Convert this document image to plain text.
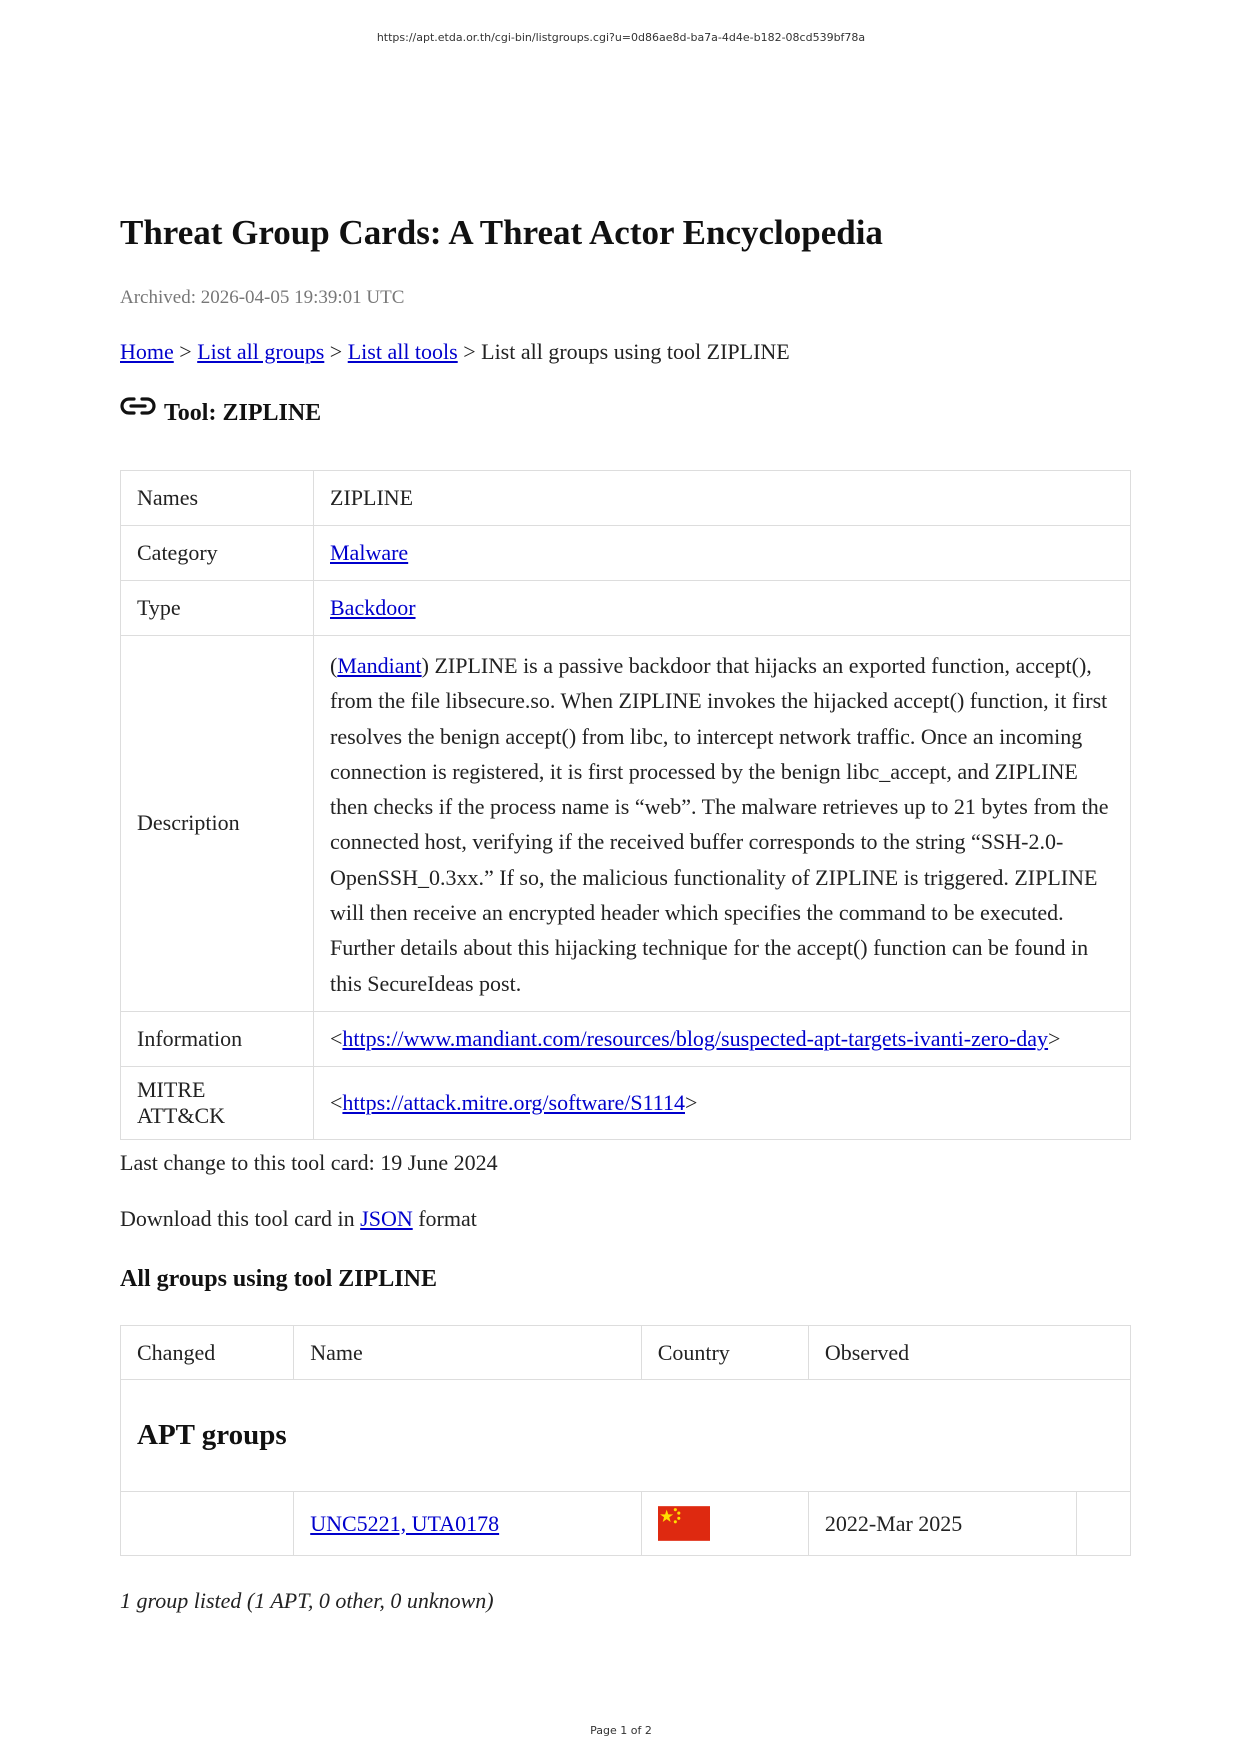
https://apt.etda.or.th/cgi-bin/listgroups.cgi?u=0d86ae8d-ba7a-4d4e-b182-08cd539bf78a
Threat Group Cards: A Threat Actor Encyclopedia
Archived: 2026-04-05 19:39:01 UTC
Home > List all groups > List all tools > List all groups using tool ZIPLINE
Tool: ZIPLINE
Names	ZIPLINE
Category	Malware
Type	Backdoor
Description	(Mandiant) ZIPLINE is a passive backdoor that hijacks an exported function, accept(), from the file libsecure.so. When ZIPLINE invokes the hijacked accept() function, it first resolves the benign accept() from libc, to intercept network traffic. Once an incoming connection is registered, it is first processed by the benign libc_accept, and ZIPLINE then checks if the process name is “web”. The malware retrieves up to 21 bytes from the connected host, verifying if the received buffer corresponds to the string “SSH-2.0-OpenSSH_0.3xx.” If so, the malicious functionality of ZIPLINE is triggered. ZIPLINE will then receive an encrypted header which specifies the command to be executed. Further details about this hijacking technique for the accept() function can be found in this SecureIdeas post.
Information	<https://www.mandiant.com/resources/blog/suspected-apt-targets-ivanti-zero-day>
MITRE ATT&CK	<https://attack.mitre.org/software/S1114>
Last change to this tool card: 19 June 2024
Download this tool card in JSON format
All groups using tool ZIPLINE
Changed	Name	Country	Observed	
APT groups				
	UNC5221, UTA0178		2022-Mar 2025	
1 group listed (1 APT, 0 other, 0 unknown)
Page 1 of 2
